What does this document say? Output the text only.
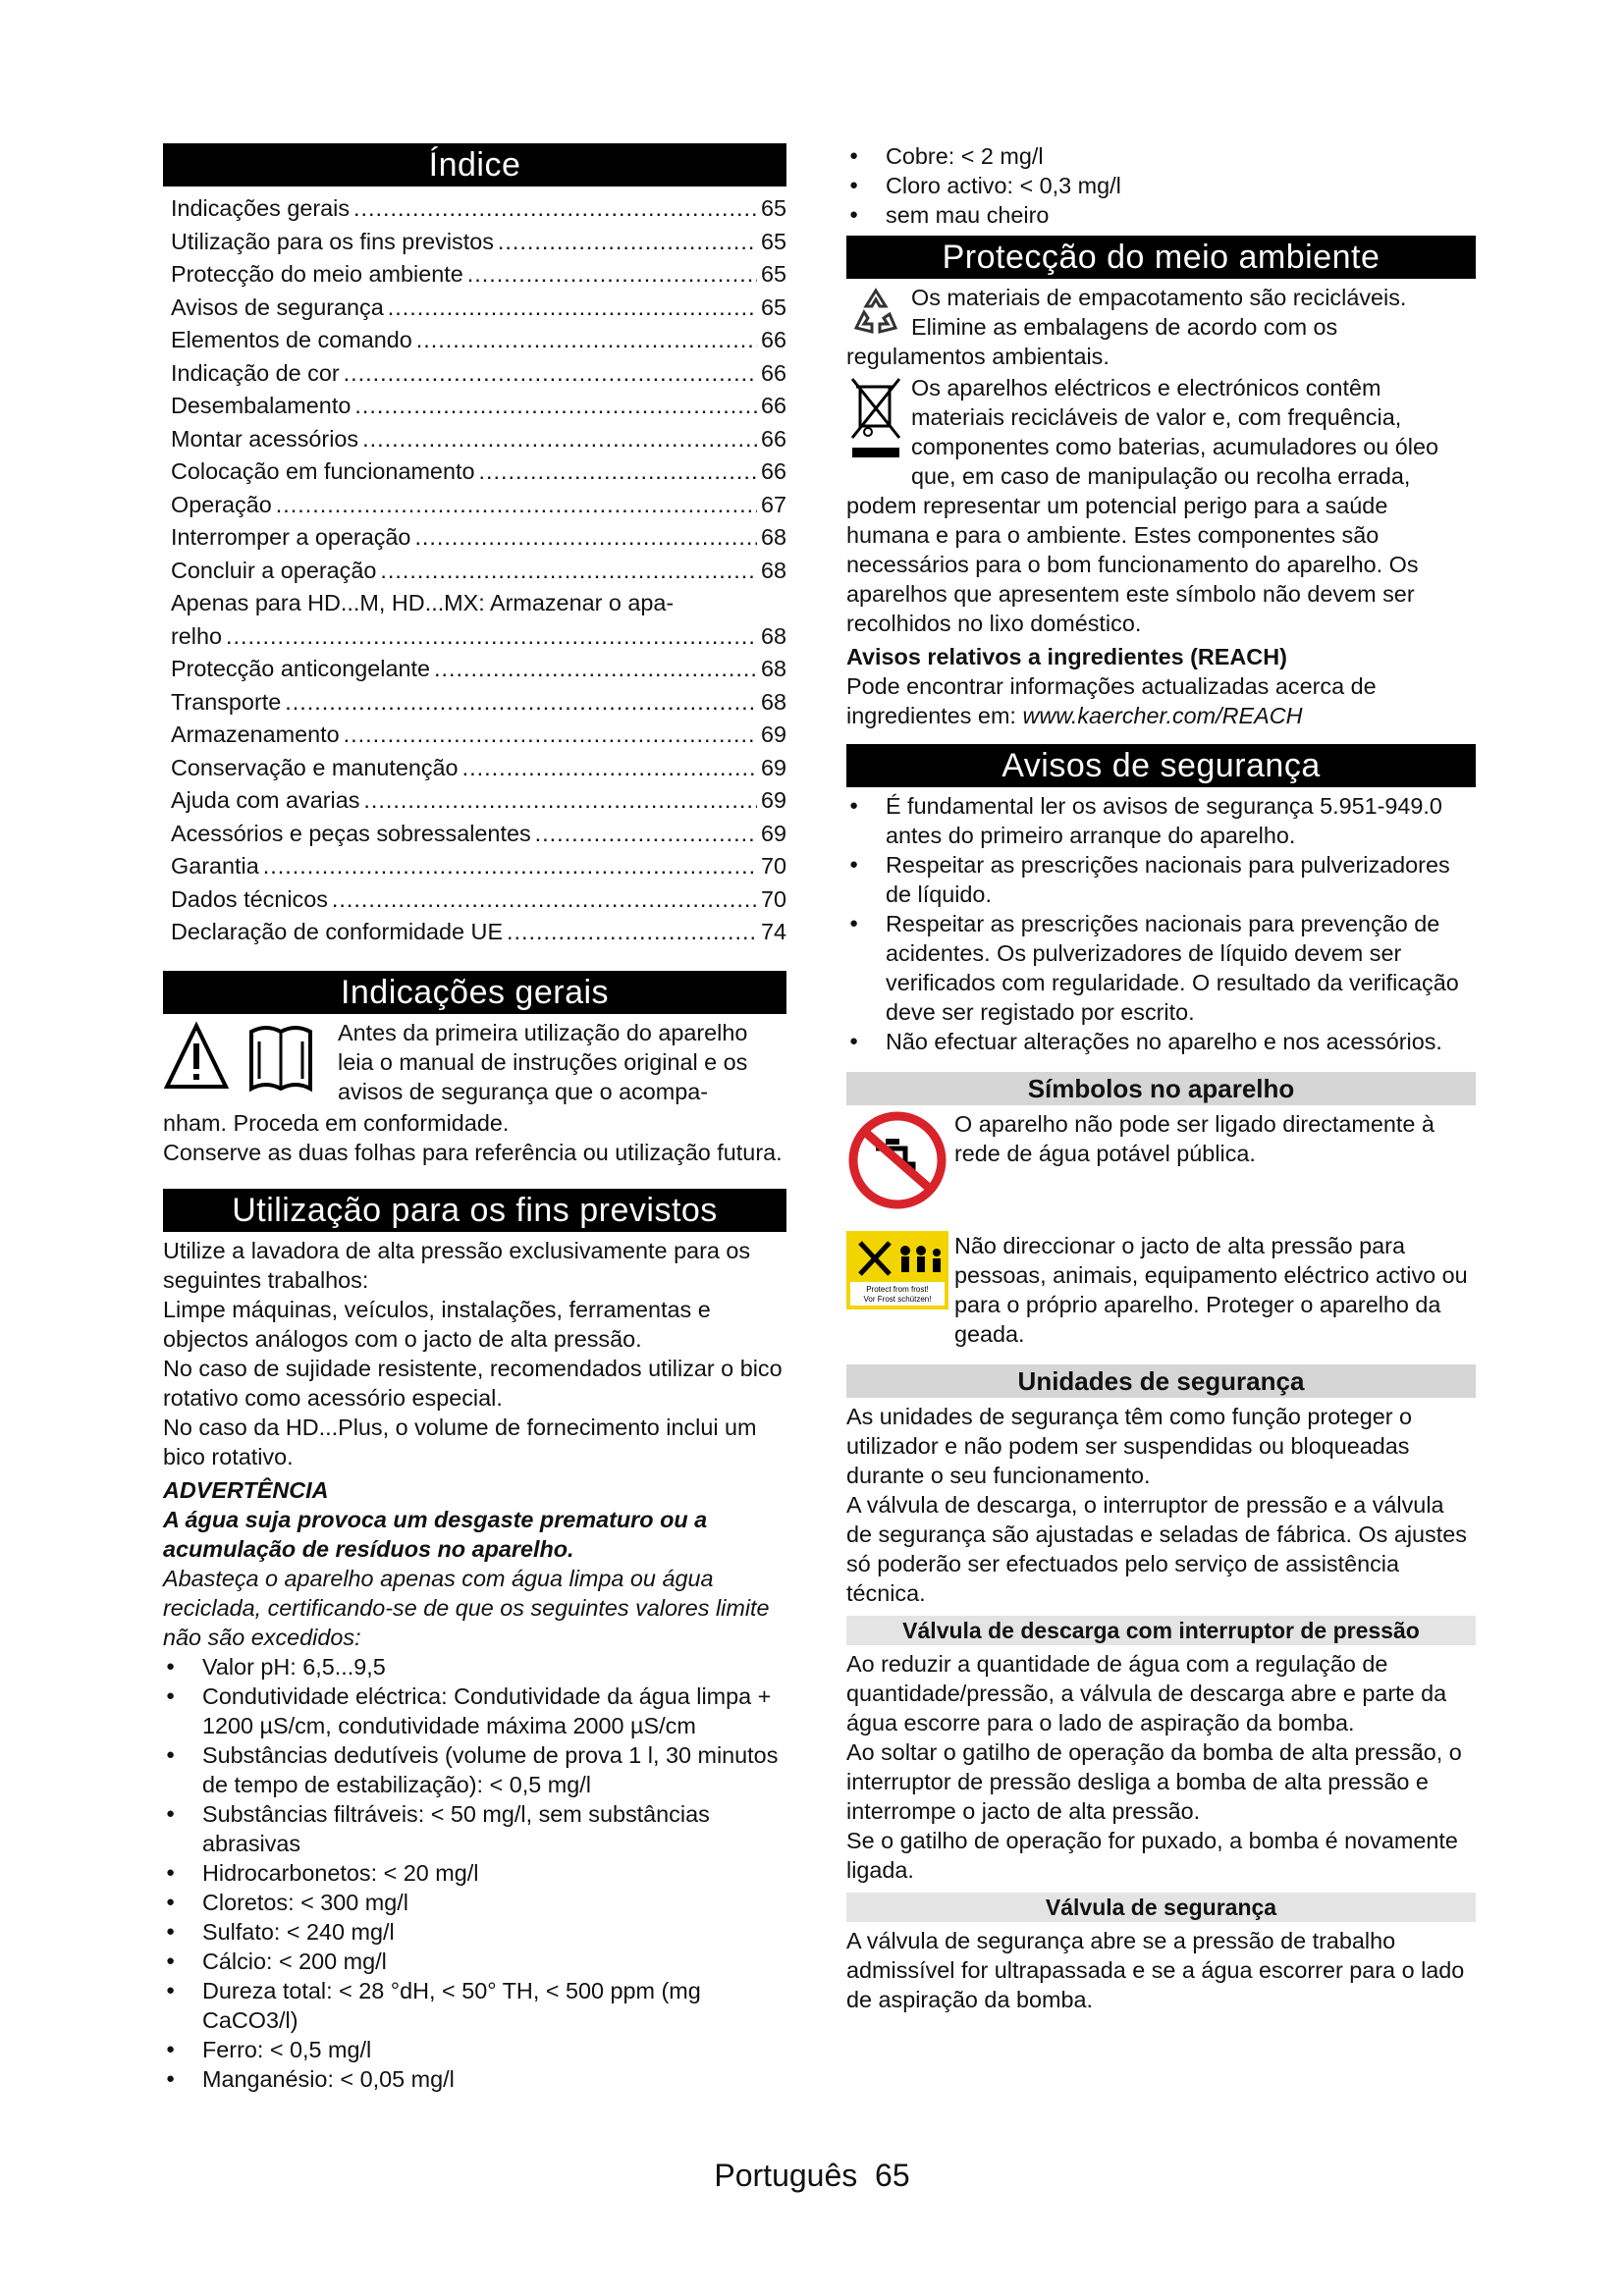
Índice
Indicações gerais .....	65
Utilização para os fins previstos .....	65
Protecção do meio ambiente .....	65
Avisos de segurança .....	65
Elementos de comando .....	66
Indicação de cor .....	66
Desembalamento .....	66
Montar acessórios .....	66
Colocação em funcionamento .....	66
Operação .....	67
Interromper a operação .....	68
Concluir a operação .....	68
Apenas para HD...M, HD...MX: Armazenar o apa-
relho .....	68
Protecção anticongelante .....	68
Transporte .....	68
Armazenamento .....	69
Conservação e manutenção .....	69
Ajuda com avarias .....	69
Acessórios e peças sobressalentes .....	69
Garantia .....	70
Dados técnicos .....	70
Declaração de conformidade UE .....	74
Indicações gerais

Antes da primeira utilização do aparelho

leia o manual de instruções original e os

avisos de segurança que o acompa-

nham. Proceda em conformidade.

Conserve as duas folhas para referência ou utilização futura.

Utilização para os fins previstos

Utilize a lavadora de alta pressão exclusivamente para os seguintes trabalhos:

Limpe máquinas, veículos, instalações, ferramentas e objectos análogos com o jacto de alta pressão.

No caso de sujidade resistente, recomendados utilizar o bico rotativo como acessório especial.

No caso da HD...Plus, o volume de fornecimento inclui um bico rotativo.

ADVERTÊNCIA

A água suja provoca um desgaste prematuro ou a acumulação de resíduos no aparelho.

Abasteça o aparelho apenas com água limpa ou água reciclada, certificando-se de que os seguintes valores limite não são excedidos:

● Valor pH: 6,5...9,5
● Condutividade eléctrica: Condutividade da água limpa + 1200 µS/cm, condutividade máxima 2000 µS/cm
● Substâncias dedutíveis (volume de prova 1 l, 30 minutos de tempo de estabilização): < 0,5 mg/l
● Substâncias filtráveis: < 50 mg/l, sem substâncias abrasivas
● Hidrocarbonetos: < 20 mg/l
● Cloretos: < 300 mg/l
● Sulfato: < 240 mg/l
● Cálcio: < 200 mg/l
● Dureza total: < 28 °dH, < 50° TH, < 500 ppm (mg CaCO3/l)
● Ferro: < 0,5 mg/l
● Manganésio: < 0,05 mg/l
● Cobre: < 2 mg/l
● Cloro activo: < 0,3 mg/l
● sem mau cheiro
Protecção do meio ambiente

Os materiais de empacotamento são recicláveis. Elimine as embalagens de acordo com os regulamentos ambientais.

Os aparelhos eléctricos e electrónicos contêm materiais recicláveis de valor e, com frequência, componentes como baterias, acumuladores ou óleo que, em caso de manipulação ou recolha errada, podem representar um potencial perigo para a saúde humana e para o ambiente. Estes componentes são necessários para o bom funcionamento do aparelho. Os aparelhos que apresentem este símbolo não devem ser recolhidos no lixo doméstico.

Avisos relativos a ingredientes (REACH)

Pode encontrar informações actualizadas acerca de ingredientes em: www.kaercher.com/REACH

Avisos de segurança
● É fundamental ler os avisos de segurança 5.951-949.0 antes do primeiro arranque do aparelho.
● Respeitar as prescrições nacionais para pulverizadores de líquido.
● Respeitar as prescrições nacionais para prevenção de acidentes. Os pulverizadores de líquido devem ser verificados com regularidade. O resultado da verificação deve ser registado por escrito.
● Não efectuar alterações no aparelho e nos acessórios.
Símbolos no aparelho

O aparelho não pode ser ligado directamente à rede de água potável pública.

Protect from frost!
Vor Frost schützen!

Não direccionar o jacto de alta pressão para pessoas, animais, equipamento eléctrico activo ou para o próprio aparelho. Proteger o aparelho da geada.

Unidades de segurança

As unidades de segurança têm como função proteger o utilizador e não podem ser suspendidas ou bloqueadas durante o seu funcionamento.

A válvula de descarga, o interruptor de pressão e a válvula de segurança são ajustadas e seladas de fábrica. Os ajustes só poderão ser efectuados pelo serviço de assistência técnica.

Válvula de descarga com interruptor de pressão

Ao reduzir a quantidade de água com a regulação de quantidade/pressão, a válvula de descarga abre e parte da água escorre para o lado de aspiração da bomba.

Ao soltar o gatilho de operação da bomba de alta pressão, o interruptor de pressão desliga a bomba de alta pressão e interrompe o jacto de alta pressão.

Se o gatilho de operação for puxado, a bomba é novamente ligada.

Válvula de segurança

A válvula de segurança abre se a pressão de trabalho admissível for ultrapassada e se a água escorrer para o lado de aspiração da bomba.

Português 65
